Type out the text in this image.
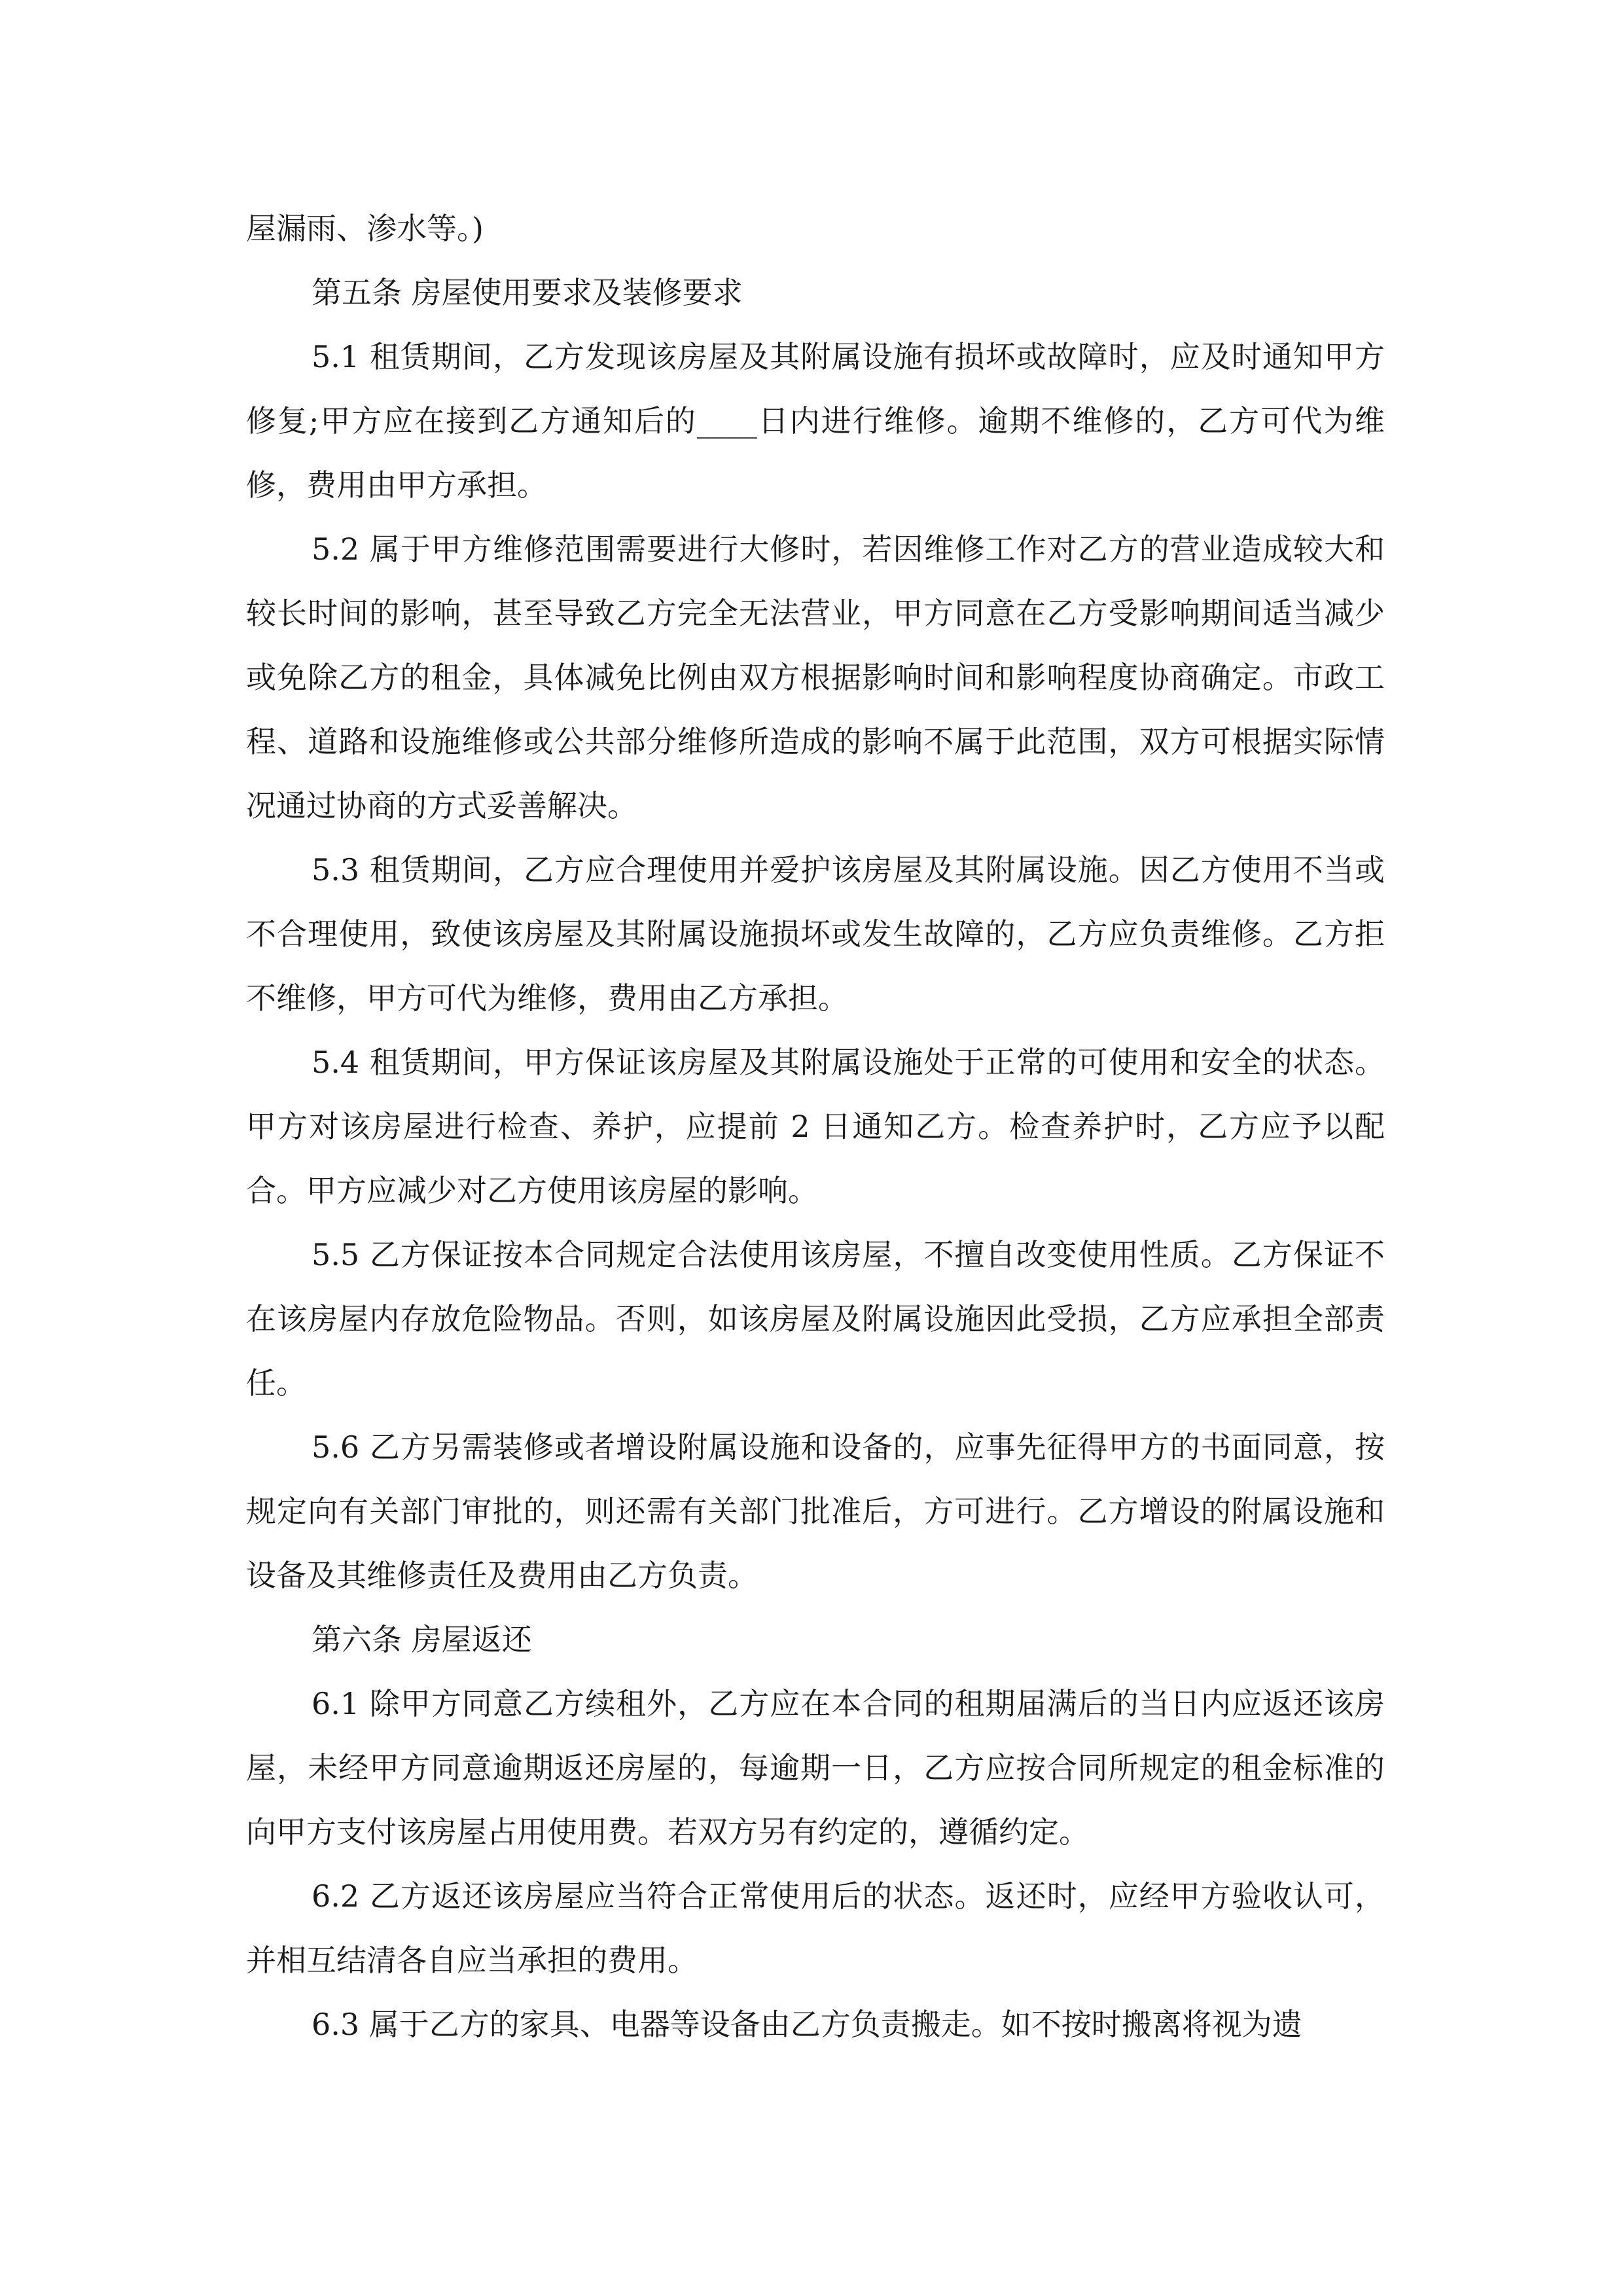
屋漏雨、渗水等。)

第五条 房屋使用要求及装修要求

5.1 租赁期间，乙方发现该房屋及其附属设施有损坏或故障时，应及时通知甲方修复;甲方应在接到乙方通知后的____日内进行维修。逾期不维修的，乙方可代为维修，费用由甲方承担。

5.2 属于甲方维修范围需要进行大修时，若因维修工作对乙方的营业造成较大和较长时间的影响，甚至导致乙方完全无法营业，甲方同意在乙方受影响期间适当减少或免除乙方的租金，具体减免比例由双方根据影响时间和影响程度协商确定。市政工程、道路和设施维修或公共部分维修所造成的影响不属于此范围，双方可根据实际情况通过协商的方式妥善解决。

5.3 租赁期间，乙方应合理使用并爱护该房屋及其附属设施。因乙方使用不当或不合理使用，致使该房屋及其附属设施损坏或发生故障的，乙方应负责维修。乙方拒不维修，甲方可代为维修，费用由乙方承担。

5.4 租赁期间，甲方保证该房屋及其附属设施处于正常的可使用和安全的状态。甲方对该房屋进行检查、养护，应提前 2 日通知乙方。检查养护时，乙方应予以配合。甲方应减少对乙方使用该房屋的影响。

5.5 乙方保证按本合同规定合法使用该房屋，不擅自改变使用性质。乙方保证不在该房屋内存放危险物品。否则，如该房屋及附属设施因此受损，乙方应承担全部责任。

5.6 乙方另需装修或者增设附属设施和设备的，应事先征得甲方的书面同意，按规定向有关部门审批的，则还需有关部门批准后，方可进行。乙方增设的附属设施和设备及其维修责任及费用由乙方负责。

第六条 房屋返还

6.1 除甲方同意乙方续租外，乙方应在本合同的租期届满后的当日内应返还该房屋，未经甲方同意逾期返还房屋的，每逾期一日，乙方应按合同所规定的租金标准的 向甲方支付该房屋占用使用费。若双方另有约定的，遵循约定。

6.2 乙方返还该房屋应当符合正常使用后的状态。返还时，应经甲方验收认可，并相互结清各自应当承担的费用。

6.3 属于乙方的家具、电器等设备由乙方负责搬走。如不按时搬离将视为遗
